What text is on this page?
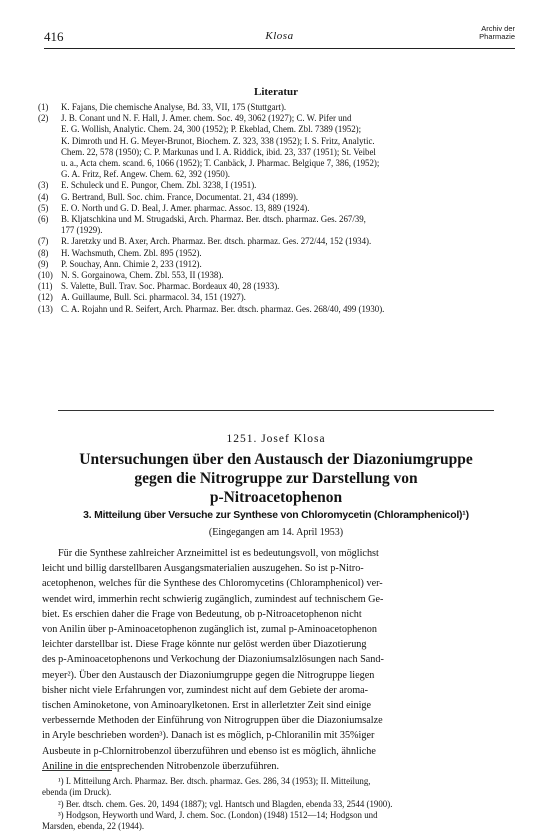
416	Klosa
Archiv der
Pharmazie
Literatur
(1) K. Fajans, Die chemische Analyse, Bd. 33, VII, 175 (Stuttgart).
(2) J. B. Conant und N. F. Hall, J. Amer. chem. Soc. 49, 3062 (1927); C. W. Pifer und
E. G. Wollish, Analytic. Chem. 24, 300 (1952); P. Ekeblad, Chem. Zbl. 7389 (1952);
K. Dimroth und H. G. Meyer-Brunot, Biochem. Z. 323, 338 (1952); I. S. Fritz, Analytic.
Chem. 22, 578 (1950); C. P. Markunas und I. A. Riddick, ibid. 23, 337 (1951); St. Veibel
u. a., Acta chem. scand. 6, 1066 (1952); T. Canbäck, J. Pharmac. Belgique 7, 386, (1952);
G. A. Fritz, Ref. Angew. Chem. 62, 392 (1950).
(3) E. Schuleck und E. Pungor, Chem. Zbl. 3238, I (1951).
(4) G. Bertrand, Bull. Soc. chim. France, Documentat. 21, 434 (1899).
(5) E. O. North und G. D. Beal, J. Amer. pharmac. Assoc. 13, 889 (1924).
(6) B. Kljatschkina und M. Strugadski, Arch. Pharmaz. Ber. dtsch. pharmaz. Ges. 267/39,
177 (1929).
(7) R. Jaretzky und B. Axer, Arch. Pharmaz. Ber. dtsch. pharmaz. Ges. 272/44, 152 (1934).
(8) H. Wachsmuth, Chem. Zbl. 895 (1952).
(9) P. Souchay, Ann. Chimie 2, 233 (1912).
(10) N. S. Gorgainowa, Chem. Zbl. 553, II (1938).
(11) S. Valette, Bull. Trav. Soc. Pharmac. Bordeaux 40, 28 (1933).
(12) A. Guillaume, Bull. Sci. pharmacol. 34, 151 (1927).
(13) C. A. Rojahn und R. Seifert, Arch. Pharmaz. Ber. dtsch. pharmaz. Ges. 268/40, 499 (1930).
1251. Josef Klosa
Untersuchungen über den Austausch der Diazoniumgruppe
gegen die Nitrogruppe zur Darstellung von
p-Nitroacetophenon
3. Mitteilung über Versuche zur Synthese von Chloromycetin (Chloramphenicol)¹)
(Eingegangen am 14. April 1953)
Für die Synthese zahlreicher Arzneimittel ist es bedeutungsvoll, von möglichst
leicht und billig darstellbaren Ausgangsmaterialien auszugehen. So ist p-Nitro-
acetophenon, welches für die Synthese des Chloromycetins (Chloramphenicol) ver-
wendet wird, immerhin recht schwierig zugänglich, zumindest auf technischem Ge-
biet. Es erschien daher die Frage von Bedeutung, ob p-Nitroacetophenon nicht
von Anilin über p-Aminoacetophenon zugänglich ist, zumal p-Aminoacetophenon
leichter darstellbar ist. Diese Frage könnte nur gelöst werden über Diazotierung
des p-Aminoacetophenons und Verkochung der Diazoniumsalzlösungen nach Sand-
meyer²). Über den Austausch der Diazoniumgruppe gegen die Nitrogruppe liegen
bisher nicht viele Erfahrungen vor, zumindest nicht auf dem Gebiete der aroma-
tischen Aminoketone, von Aminoarylketonen. Erst in allerletzter Zeit sind einige
verbessernde Methoden der Einführung von Nitrogruppen über die Diazoniumsalze
in Aryle beschrieben worden³). Danach ist es möglich, p-Chloranilin mit 35%iger
Ausbeute in p-Chlornitrobenzol überzuführen und ebenso ist es möglich, ähnliche
Aniline in die entsprechenden Nitrobenzole überzuführen.
¹) I. Mitteilung Arch. Pharmaz. Ber. dtsch. pharmaz. Ges. 286, 34 (1953); II. Mitteilung,
ebenda (im Druck).
²) Ber. dtsch. chem. Ges. 20, 1494 (1887); vgl. Hantsch und Blagden, ebenda 33, 2544 (1900).
³) Hodgson, Heyworth und Ward, J. chem. Soc. (London) (1948) 1512—14; Hodgson und
Marsden, ebenda, 22 (1944).
